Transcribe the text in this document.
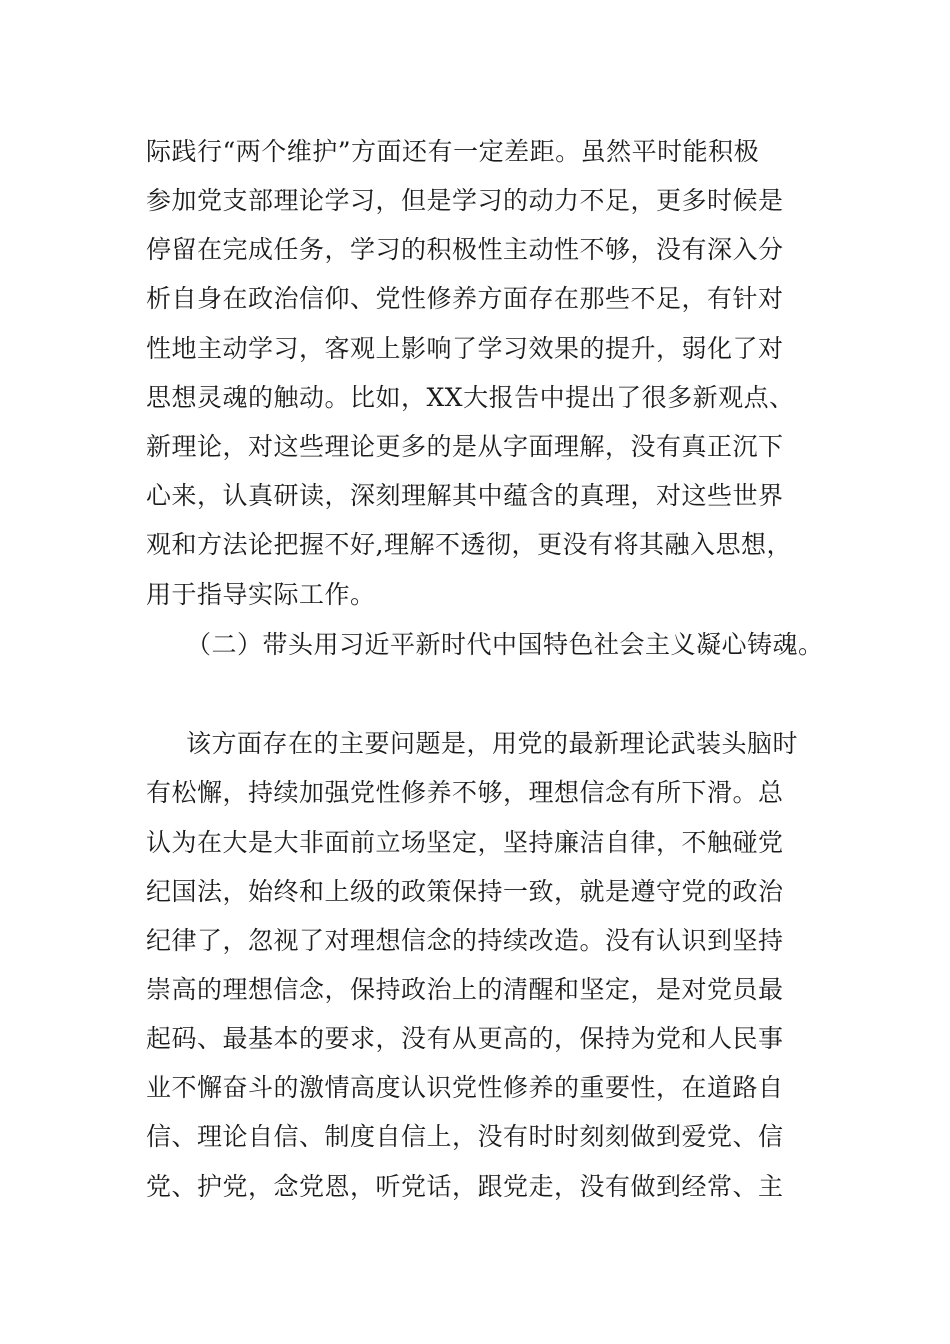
际践行“两个维护”方面还有一定差距。虽然平时能积极
参加党支部理论学习，但是学习的动力不足，更多时候是
停留在完成任务，学习的积极性主动性不够，没有深入分
析自身在政治信仰、党性修养方面存在那些不足，有针对
性地主动学习，客观上影响了学习效果的提升，弱化了对
思想灵魂的触动。比如，XX大报告中提出了很多新观点、
新理论，对这些理论更多的是从字面理解，没有真正沉下
心来，认真研读，深刻理解其中蕴含的真理，对这些世界
观和方法论把握不好,理解不透彻，更没有将其融入思想，
用于指导实际工作。
（二）带头用习近平新时代中国特色社会主义凝心铸魂。
该方面存在的主要问题是，用党的最新理论武装头脑时
有松懈，持续加强党性修养不够，理想信念有所下滑。总
认为在大是大非面前立场坚定，坚持廉洁自律，不触碰党
纪国法，始终和上级的政策保持一致，就是遵守党的政治
纪律了，忽视了对理想信念的持续改造。没有认识到坚持
崇高的理想信念，保持政治上的清醒和坚定，是对党员最
起码、最基本的要求，没有从更高的，保持为党和人民事
业不懈奋斗的激情高度认识党性修养的重要性，在道路自
信、理论自信、制度自信上，没有时时刻刻做到爱党、信
党、护党，念党恩，听党话，跟党走，没有做到经常、主
